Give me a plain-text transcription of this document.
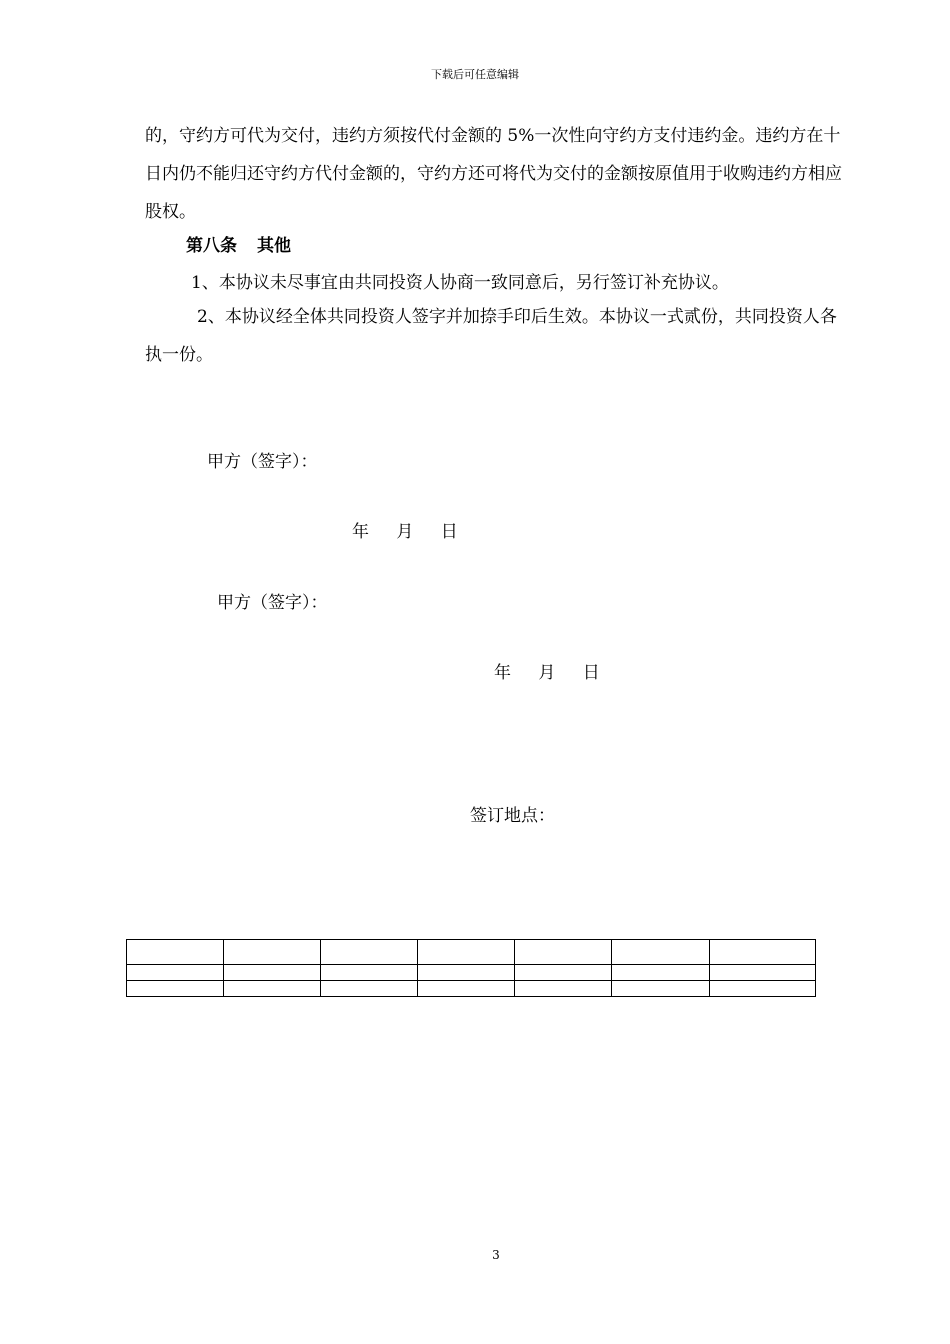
下载后可任意编辑
的，守约方可代为交付，违约方须按代付金额的 5%一次性向守约方支付违约金。违约方在十日内仍不能归还守约方代付金额的，守约方还可将代为交付的金额按原值用于收购违约方相应股权。
第八条 其他
1、本协议未尽事宜由共同投资人协商一致同意后，另行签订补充协议。
2、本协议经全体共同投资人签字并加捺手印后生效。本协议一式贰份，共同投资人各执一份。
甲方（签字）：
年 月 日
甲方（签字）：
年 月 日
签订地点：

3
